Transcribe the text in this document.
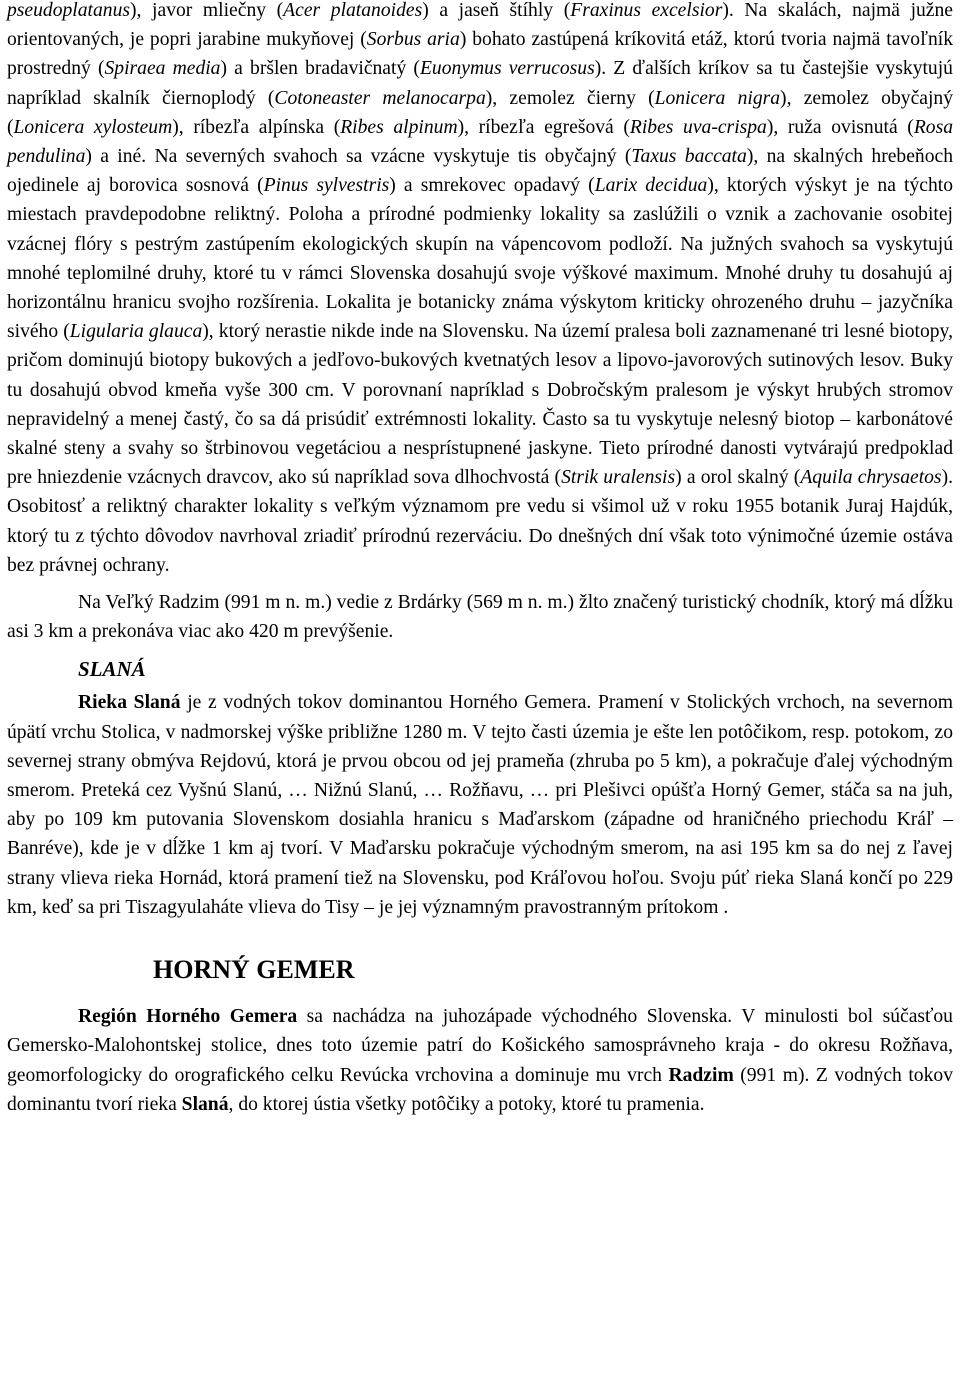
pseudoplatanus), javor mliečny (Acer platanoides) a jaseň štíhly (Fraxinus excelsior). Na skalách, najmä južne orientovaných, je popri jarabine mukyňovej (Sorbus aria) bohato zastúpená kríkovitá etáž, ktorú tvoria najmä tavoľník prostredný (Spiraea media) a bršlen bradavičnatý (Euonymus verrucosus). Z ďalších kríkov sa tu častejšie vyskytujú napríklad skalník čiernoplodý (Cotoneaster melanocarpa), zemolez čierny (Lonicera nigra), zemolez obyčajný (Lonicera xylosteum), ríbezľa alpínska (Ribes alpinum), ríbezľa egrešová (Ribes uva-crispa), ruža ovisnutá (Rosa pendulina) a iné. Na severných svahoch sa vzácne vyskytuje tis obyčajný (Taxus baccata), na skalných hrebeňoch ojedinele aj borovica sosnová (Pinus sylvestris) a smrekovec opadavý (Larix decidua), ktorých výskyt je na týchto miestach pravdepodobne reliktný. Poloha a prírodné podmienky lokality sa zaslúžili o vznik a zachovanie osobitej vzácnej flóry s pestrým zastúpením ekologických skupín na vápencovom podloží. Na južných svahoch sa vyskytujú mnohé teplomilné druhy, ktoré tu v rámci Slovenska dosahujú svoje výškové maximum. Mnohé druhy tu dosahujú aj horizontálnu hranicu svojho rozšírenia. Lokalita je botanicky známa výskytom kriticky ohrozeného druhu – jazyčníka sivého (Ligularia glauca), ktorý nerastie nikde inde na Slovensku. Na území pralesa boli zaznamenané tri lesné biotopy, pričom dominujú biotopy bukových a jedľovo-bukových kvetnatých lesov a lipovo-javorových sutinových lesov. Buky tu dosahujú obvod kmeňa vyše 300 cm. V porovnaní napríklad s Dobročským pralesom je výskyt hrubých stromov nepravidelný a menej častý, čo sa dá prisúdiť extrémnosti lokality. Často sa tu vyskytuje nelesný biotop – karbonátové skalné steny a svahy so štrbinovou vegetáciou a nesprístupnené jaskyne. Tieto prírodné danosti vytvárajú predpoklad pre hniezdenie vzácnych dravcov, ako sú napríklad sova dlhochvostá (Strik uralensis) a orol skalný (Aquila chrysaetos). Osobitosť a reliktný charakter lokality s veľkým významom pre vedu si všimol už v roku 1955 botanik Juraj Hajdúk, ktorý tu z týchto dôvodov navrhoval zriadiť prírodnú rezerváciu. Do dnešných dní však toto výnimočné územie ostáva bez právnej ochrany.

Na Veľký Radzim (991 m n. m.) vedie z Brdárky (569 m n. m.) žlto značený turistický chodník, ktorý má dĺžku asi 3 km a prekonáva viac ako 420 m prevýšenie.

SLANÁ

Rieka Slaná je z vodných tokov dominantou Horného Gemera. Pramení v Stolických vrchoch, na severnom úpätí vrchu Stolica, v nadmorskej výške približne 1280 m. V tejto časti územia je ešte len potôčikom, resp. potokom, zo severnej strany obmýva Rejdovú, ktorá je prvou obcou od jej prameňa (zhruba po 5 km), a pokračuje ďalej východným smerom. Preteká cez Vyšnú Slanú, … Nižnú Slanú, … Rožňavu, … pri Plešivci opúšťa Horný Gemer, stáča sa na juh, aby po 109 km putovania Slovenskom dosiahla hranicu s Maďarskom (západne od hraničného priechodu Kráľ – Banréve), kde je v dĺžke 1 km aj tvorí. V Maďarsku pokračuje východným smerom, na asi 195 km sa do nej z ľavej strany vlieva rieka Hornád, ktorá pramení tiež na Slovensku, pod Kráľovou hoľou. Svoju púť rieka Slaná končí po 229 km, keď sa pri Tiszagyulaháte vlieva do Tisy – je jej významným pravostranným prítokom .

HORNÝ GEMER

Región Horného Gemera sa nachádza na juhozápade východného Slovenska. V minulosti bol súčasťou Gemersko-Malohontskej stolice, dnes toto územie patrí do Košického samosprávneho kraja - do okresu Rožňava, geomorfologicky do orografického celku Revúcka vrchovina a dominuje mu vrch Radzim (991 m). Z vodných tokov dominantu tvorí rieka Slaná, do ktorej ústia všetky potôčiky a potoky, ktoré tu pramenia.
